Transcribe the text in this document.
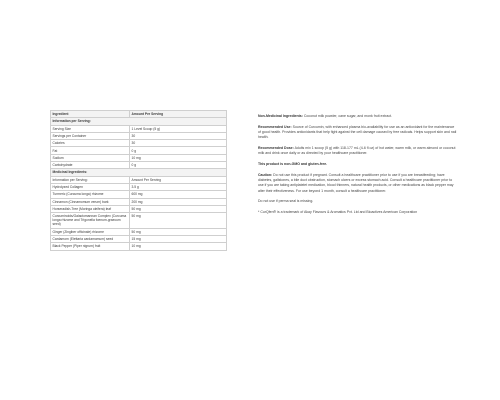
Ingredient	Amount Per Serving
Information per Serving:	
Serving Size	1 Level Scoop (5 g)
Servings per Container	30
Calories	30
Fat	0 g
Sodium	10 mg
Carbohydrate	0 g
Medicinal Ingredients:	
Information per Serving:	Amount Per Serving
Hydrolyzed Collagen	3.5 g
Turmeric (Curcuma longa) rhizome	600 mg
Cinnamon (Cinnamomum verum) bark	200 mg
Horseradish-Tree (Moringa oleifera) leaf	50 mg
Curcuminoids/Galactomannan Complex (Curcuma longa rhizome and Trigonella foenum-graecum seed)	50 mg
Ginger (Zingiber officinale) rhizome	50 mg
Cardamom (Elettaria cardamomum) seed	15 mg
Black Pepper (Piper nigrum) fruit	10 mg

Non-Medicinal Ingredients: Coconut milk powder, cane sugar, and monk fruit extract.

Recommended Use: Source of Curcumin, with enhanced plasma bio-availability for use as an antioxidant for the maintenance of good health. Provides antioxidants that help fight against the cell damage caused by free radicals. Helps support skin and nail health.

Recommended Dose: Adults mix 1 scoop (5 g) with 118-177 mL (4-6 fl oz) of hot water, warm milk, or warm almond or coconut milk and drink once daily or as directed by your healthcare practitioner.

This product is non-GMO and gluten-free.

Caution: Do not use this product if pregnant. Consult a healthcare practitioner prior to use if you are breastfeeding; have diabetes, gallstones, a bile duct obstruction, stomach ulcers or excess stomach acid. Consult a healthcare practitioner prior to use if you are taking antiplatelet medication, blood thinners, natural health products, or other medications as black pepper may alter their effectiveness. For use beyond 1 month, consult a healthcare practitioner.

Do not use if perma seal is missing.

* CurQfen® is a trademark of Akay Flavours & Aromatics Pvt. Ltd and Bioactives American Corporation
